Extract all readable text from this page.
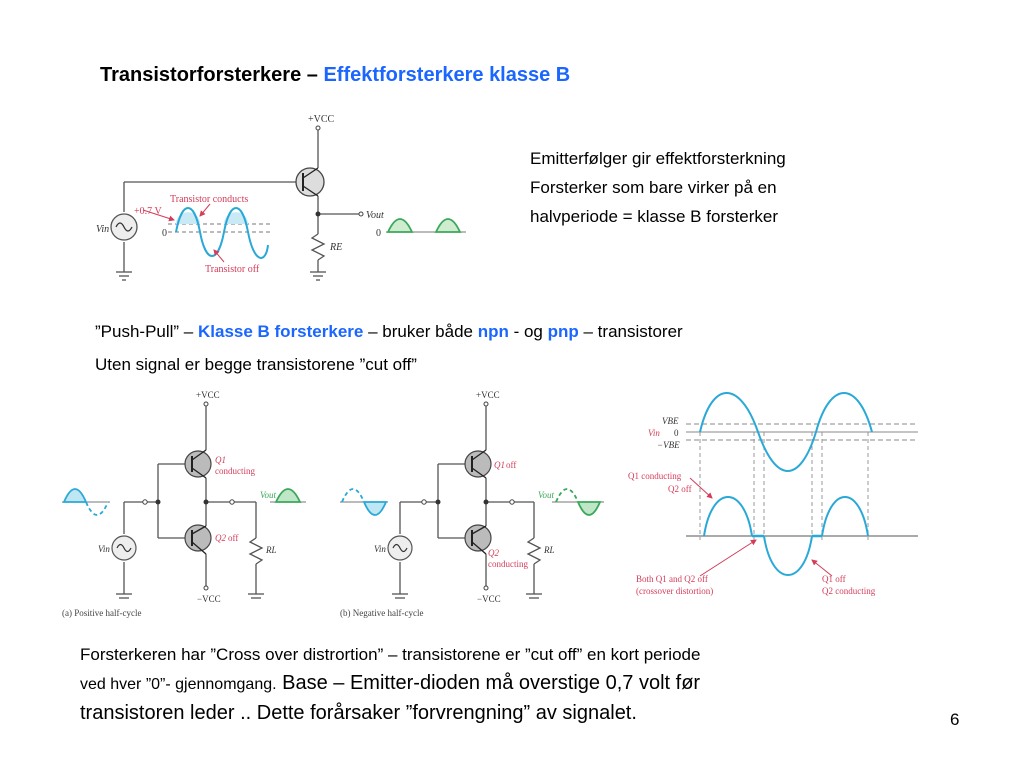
Transistorforsterkere – Effektforsterkere klasse B
Emitterfølger gir effektforsterkning
Forsterker som bare virker på en
halvperiode = klasse B forsterker
”Push-Pull” – Klasse B forsterkere – bruker både npn - og pnp – transistorer
Uten signal er begge transistorene ”cut off”
Forsterkeren har ”Cross over distrortion” – transistorene er ”cut off” en kort periode
ved hver ”0”- gjennomgang. Base – Emitter-dioden må overstige 0,7 volt før
transistoren leder .. Dette forårsaker ”forvrengning” av signalet.	6
+VCC
Vin
+0.7 V
0
Transistor conducts
Transistor off
RE
Vout
0
+VCC
−VCC
Q1
conducting
Q2 off
Vin
Vout
RL
(a) Positive half-cycle
+VCC
−VCC
Q1 off
Q2
conducting
Vin
Vout
RL
(b) Negative half-cycle
VBE
Vin 0
−VBE
Q1 conducting
Q2 off
Both Q1 and Q2 off
(crossover distortion)
Q1 off
Q2 conducting
